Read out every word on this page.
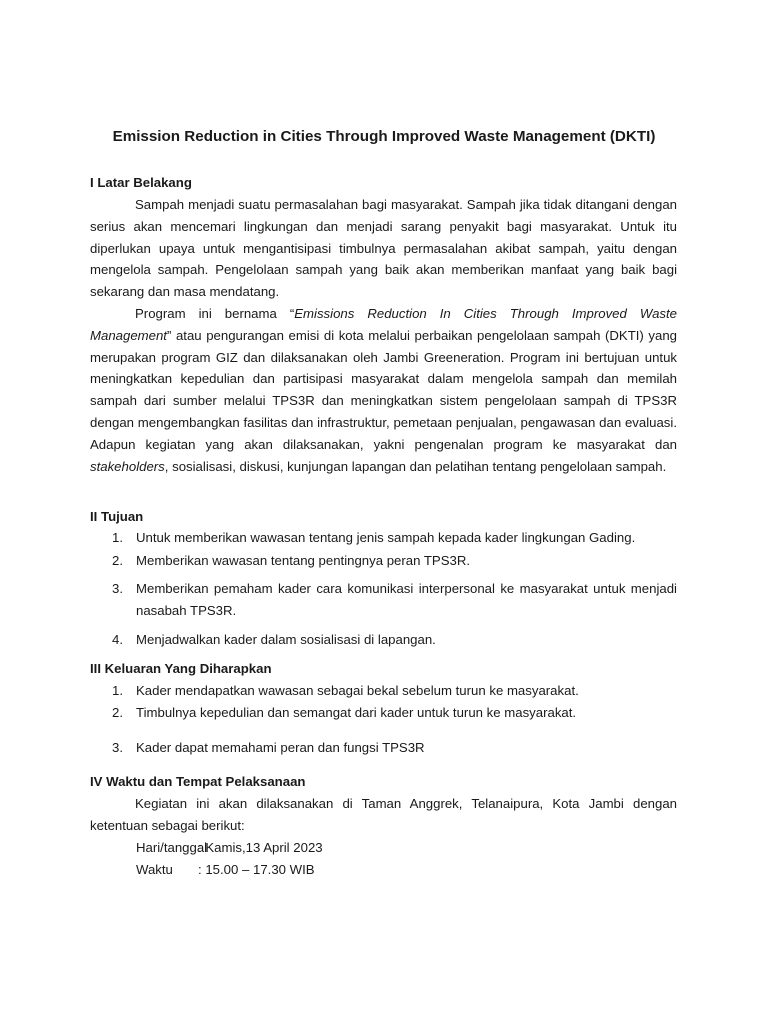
Emission Reduction in Cities Through Improved Waste Management (DKTI)
I Latar Belakang

Sampah menjadi suatu permasalahan bagi masyarakat. Sampah jika tidak ditangani dengan serius akan mencemari lingkungan dan menjadi sarang penyakit bagi masyarakat. Untuk itu diperlukan upaya untuk mengantisipasi timbulnya permasalahan akibat sampah, yaitu dengan mengelola sampah. Pengelolaan sampah yang baik akan memberikan manfaat yang baik bagi sekarang dan masa mendatang.

Program ini bernama “Emissions Reduction In Cities Through Improved Waste Management” atau pengurangan emisi di kota melalui perbaikan pengelolaan sampah (DKTI) yang merupakan program GIZ dan dilaksanakan oleh Jambi Greeneration. Program ini bertujuan untuk meningkatkan kepedulian dan partisipasi masyarakat dalam mengelola sampah dan memilah sampah dari sumber melalui TPS3R dan meningkatkan sistem pengelolaan sampah di TPS3R dengan mengembangkan fasilitas dan infrastruktur, pemetaan penjualan, pengawasan dan evaluasi. Adapun kegiatan yang akan dilaksanakan, yakni pengenalan program ke masyarakat dan stakeholders, sosialisasi, diskusi, kunjungan lapangan dan pelatihan tentang pengelolaan sampah.

II Tujuan
1. Untuk memberikan wawasan tentang jenis sampah kepada kader lingkungan Gading.
2. Memberikan wawasan tentang pentingnya peran TPS3R.
3. Memberikan pemaham kader cara komunikasi interpersonal ke masyarakat untuk menjadi nasabah TPS3R.
4. Menjadwalkan kader dalam sosialisasi di lapangan.
III Keluaran Yang Diharapkan
1. Kader mendapatkan wawasan sebagai bekal sebelum turun ke masyarakat.
2. Timbulnya kepedulian dan semangat dari kader untuk turun ke masyarakat.
3. Kader dapat memahami peran dan fungsi TPS3R
IV Waktu dan Tempat Pelaksanaan

Kegiatan ini akan dilaksanakan di Taman Anggrek, Telanaipura, Kota Jambi dengan ketentuan sebagai berikut:

Hari/tanggal: Kamis,13 April 2023
Waktu : 15.00 – 17.30 WIB
